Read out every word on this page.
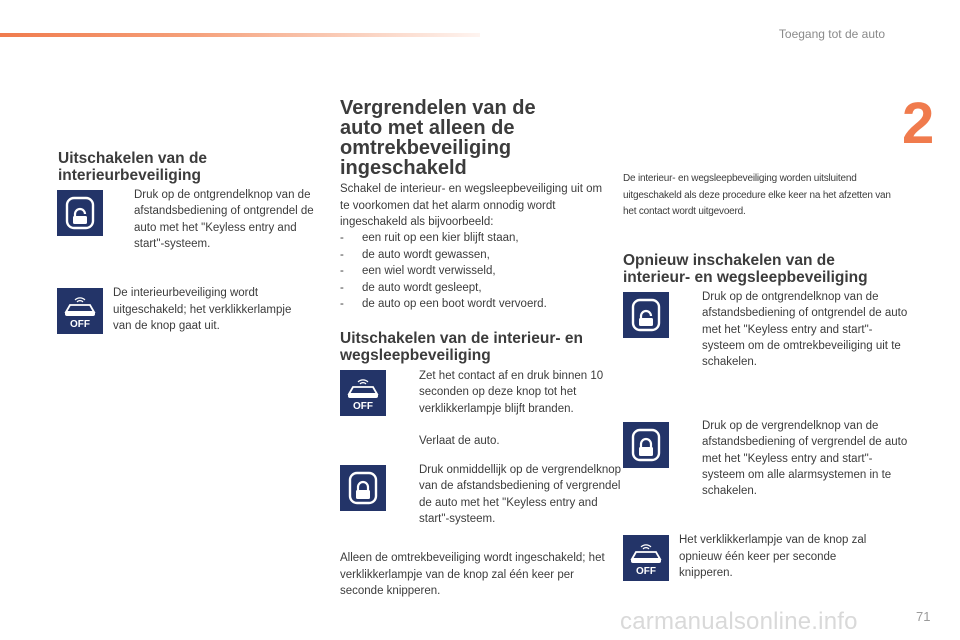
Toegang tot de auto
2
Uitschakelen van de interieurbeveiliging
Druk op de ontgrendelknop van de afstandsbediening of ontgrendel de auto met het "Keyless entry and start"-systeem.
OFF

De interieurbeveiliging wordt uitgeschakeld; het verklikkerlampje van de knop gaat uit.

Vergrendelen van de auto met alleen de omtrekbeveiliging ingeschakeld

Schakel de interieur- en wegsleepbeveiliging uit om te voorkomen dat het alarm onnodig wordt ingeschakeld als bijvoorbeeld:

- een ruit op een kier blijft staan,
- de auto wordt gewassen,
- een wiel wordt verwisseld,
- de auto wordt gesleept,
- de auto op een boot wordt vervoerd.
Uitschakelen van de interieur- en wegsleepbeveiliging
OFF
Zet het contact af en druk binnen 10 seconden op deze knop tot het verklikkerlampje blijft branden.
Verlaat de auto.
Druk onmiddellijk op de vergrendelknop van de afstandsbediening of vergrendel de auto met het "Keyless entry and start"-systeem.

Alleen de omtrekbeveiliging wordt ingeschakeld; het verklikkerlampje van de knop zal één keer per seconde knipperen.

De interieur- en wegsleepbeveiliging worden uitsluitend uitgeschakeld als deze procedure elke keer na het afzetten van het contact wordt uitgevoerd.

Opnieuw inschakelen van de interieur- en wegsleepbeveiliging
Druk op de ontgrendelknop van de afstandsbediening of ontgrendel de auto met het "Keyless entry and start"-systeem om de omtrekbeveiliging uit te schakelen.
Druk op de vergrendelknop van de afstandsbediening of vergrendel de auto met het "Keyless entry and start"-systeem om alle alarmsystemen in te schakelen.
OFF

Het verklikkerlampje van de knop zal opnieuw één keer per seconde knipperen.

carmanualsonline.info	71
